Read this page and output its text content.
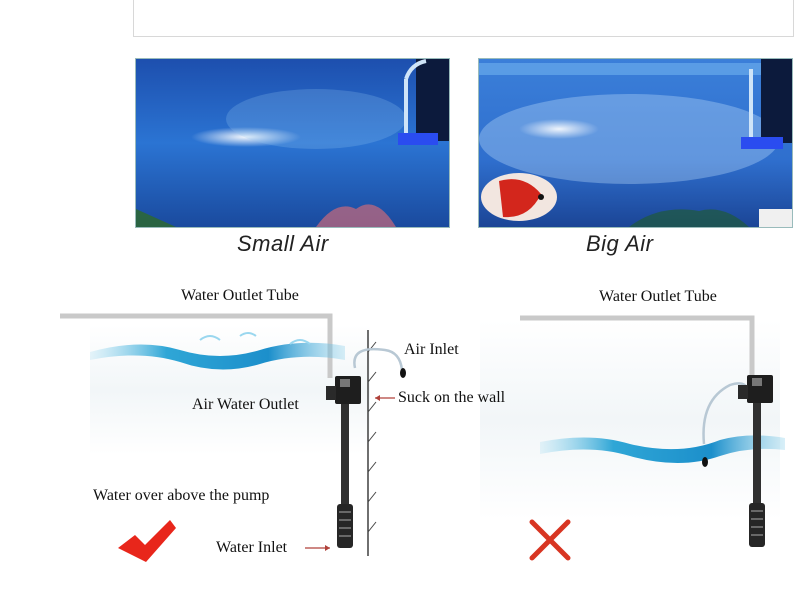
Small Air	Big Air
Water Outlet Tube
Air Inlet
Air Water Outlet	Suck on the wall
Water over above the pump
Water Inlet
Water Outlet Tube
